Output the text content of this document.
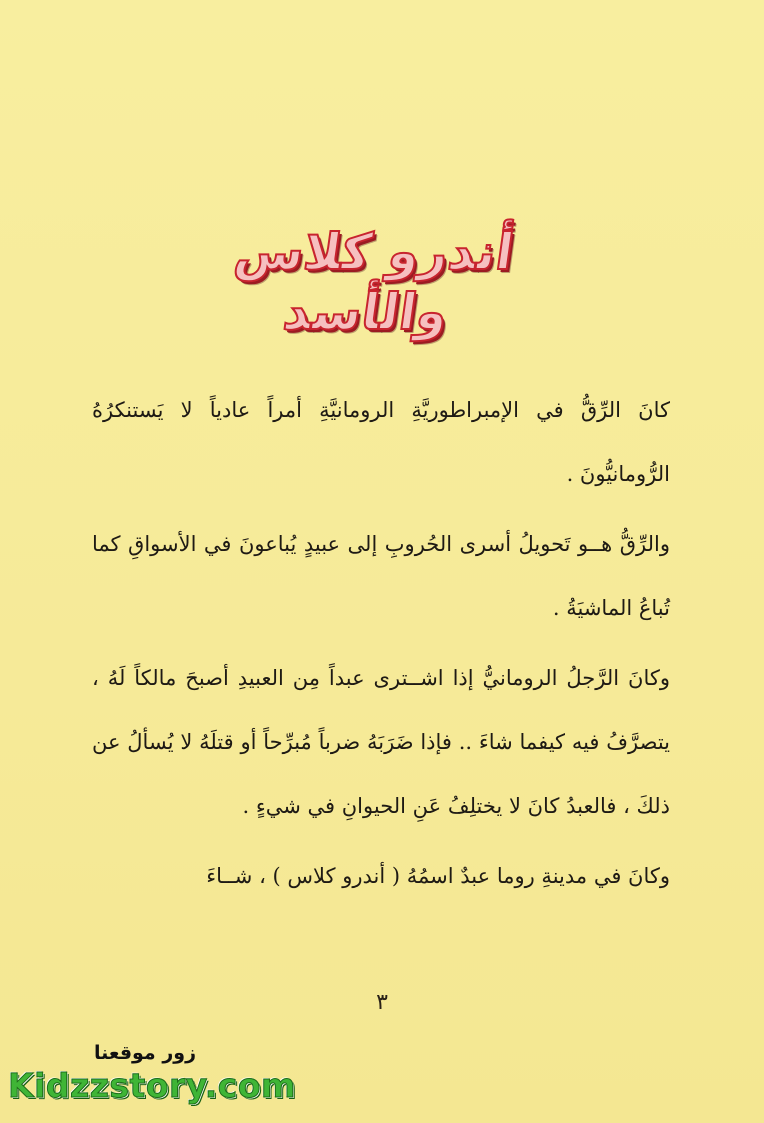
أندرو كلاس والأسد

كانَ الرِّقُّ في الإمبراطوريَّةِ الرومانيَّةِ أمراً عادياً لا يَستنكرُهُ الرُّومانيُّونَ .

والرِّقُّ هــو تَحويلُ أسرى الحُروبِ إلى عبيدٍ يُباعونَ في الأسواقِ كما تُباعُ الماشيَةُ .

وكانَ الرَّجلُ الرومانيُّ إذا اشــترى عبداً مِن العبيدِ أصبحَ مالكاً لَهُ ، يتصرَّفُ فيه كيفما شاءَ .. فإذا ضَرَبَهُ ضرباً مُبرِّحاً أو قتلَهُ لا يُسألُ عن ذلكَ ، فالعبدُ كانَ لا يختلِفُ عَنِ الحيوانِ في شيءٍ .

وكانَ في مدينةِ روما عبدٌ اسمُهُ ( أندرو كلاس ) ، شــاءَ

٣
زور موقعنا
Kidzzstory.com
